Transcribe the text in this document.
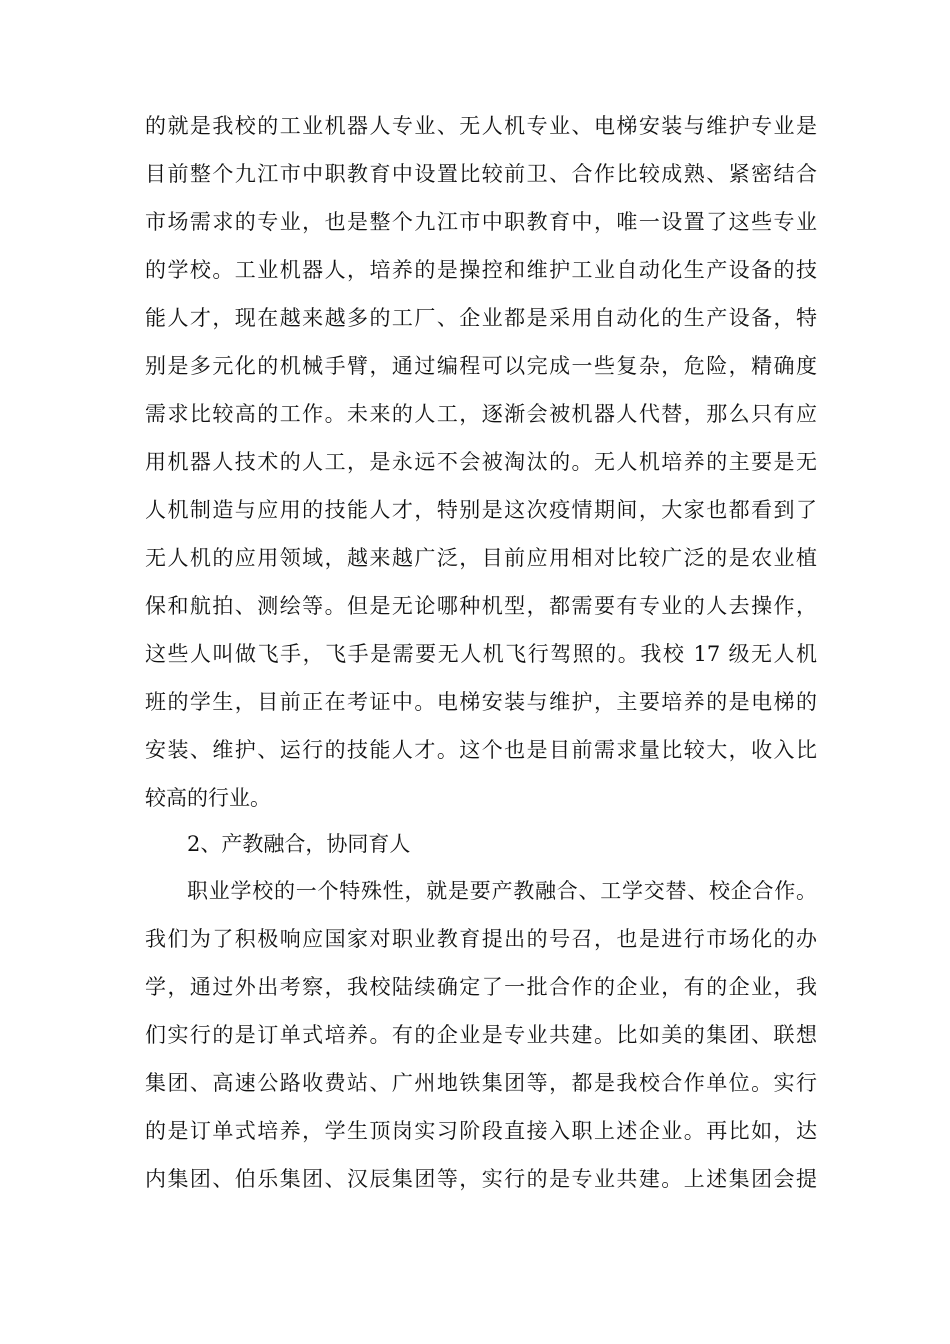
的就是我校的工业机器人专业、无人机专业、电梯安装与维护专业是
目前整个九江市中职教育中设置比较前卫、合作比较成熟、紧密结合
市场需求的专业，也是整个九江市中职教育中，唯一设置了这些专业
的学校。工业机器人，培养的是操控和维护工业自动化生产设备的技
能人才，现在越来越多的工厂、企业都是采用自动化的生产设备，特
别是多元化的机械手臂，通过编程可以完成一些复杂，危险，精确度
需求比较高的工作。未来的人工，逐渐会被机器人代替，那么只有应
用机器人技术的人工，是永远不会被淘汰的。无人机培养的主要是无
人机制造与应用的技能人才，特别是这次疫情期间，大家也都看到了
无人机的应用领域，越来越广泛，目前应用相对比较广泛的是农业植
保和航拍、测绘等。但是无论哪种机型，都需要有专业的人去操作，
这些人叫做飞手，飞手是需要无人机飞行驾照的。我校 17 级无人机
班的学生，目前正在考证中。电梯安装与维护，主要培养的是电梯的
安装、维护、运行的技能人才。这个也是目前需求量比较大，收入比
较高的行业。
2、产教融合，协同育人
职业学校的一个特殊性，就是要产教融合、工学交替、校企合作。
我们为了积极响应国家对职业教育提出的号召，也是进行市场化的办
学，通过外出考察，我校陆续确定了一批合作的企业，有的企业，我
们实行的是订单式培养。有的企业是专业共建。比如美的集团、联想
集团、高速公路收费站、广州地铁集团等，都是我校合作单位。实行
的是订单式培养，学生顶岗实习阶段直接入职上述企业。再比如，达
内集团、伯乐集团、汉辰集团等，实行的是专业共建。上述集团会提
